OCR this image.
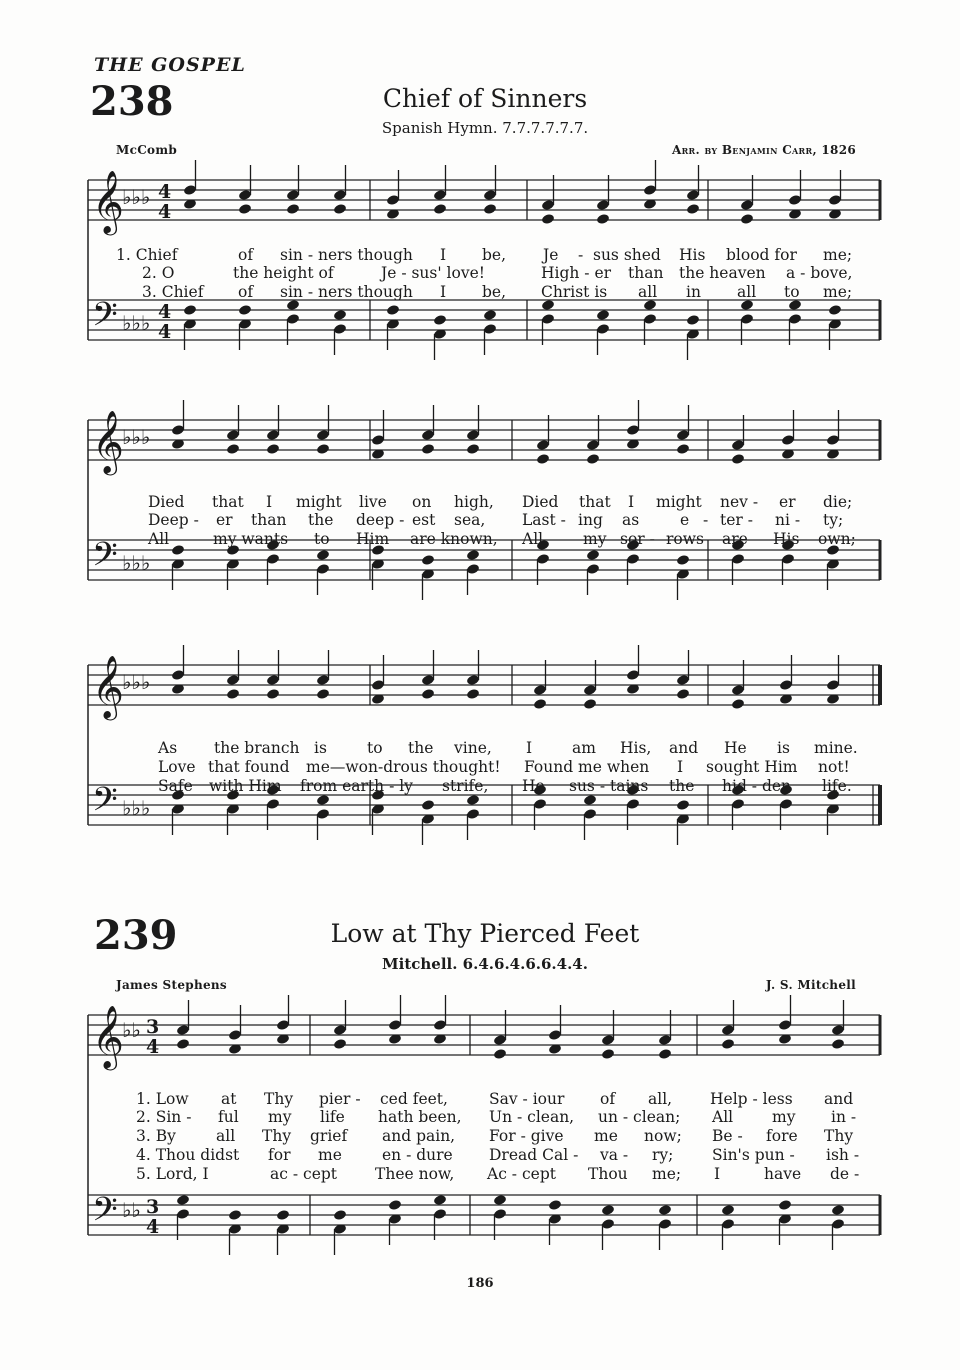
THE GOSPEL
238	Chief of Sinners
Spanish Hymn. 7.7.7.7.7.7.
McComb	Arr. by Benjamin Carr, 1826
𝄞
𝄢
♭♭♭
♭♭♭
4
4
4
4
𝄞
𝄢
♭♭♭
♭♭♭
𝄞
𝄢
♭♭♭
♭♭♭
1. Chief	of sin - ners though I be, Je - sus shed His blood for me;
2. O	the height of	Je - sus' love!	High - er than the heaven a - bove,
3. Chief of sin - ners though I be, Christ is all in all to me;
Died that I might live on high, Died that I might nev - er die;
Deep - er than the deep - est sea, Last - ing as	e - ter - ni - ty;
All	my wants to Him are known, All	my sor - rows are His own;
As the branch is	to the vine, I	am His, and He is mine.
Love that found me—won-drous thought! Found me when I sought Him not!
Safe with Him from earth - ly strife, He sus - tains the hid - den life.
239	Low at Thy Pierced Feet
Mitchell. 6.4.6.4.6.6.4.4.
James Stephens	J. S. Mitchell
𝄞
𝄢
♭♭ 3
4
♭♭ 3
4
1. Low at Thy pier - ced feet,	Sav - iour of all, Help - less and
2. Sin - ful my life hath been, Un - clean, un - clean; All	my in -
3. By	all Thy grief and pain, For - give me now; Be - fore Thy
4. Thou didst for me	en - dure Dread Cal - va - ry; Sin's pun - ish -
5. Lord, I	ac - cept Thee now, Ac - cept Thou me; I	have de -
186
